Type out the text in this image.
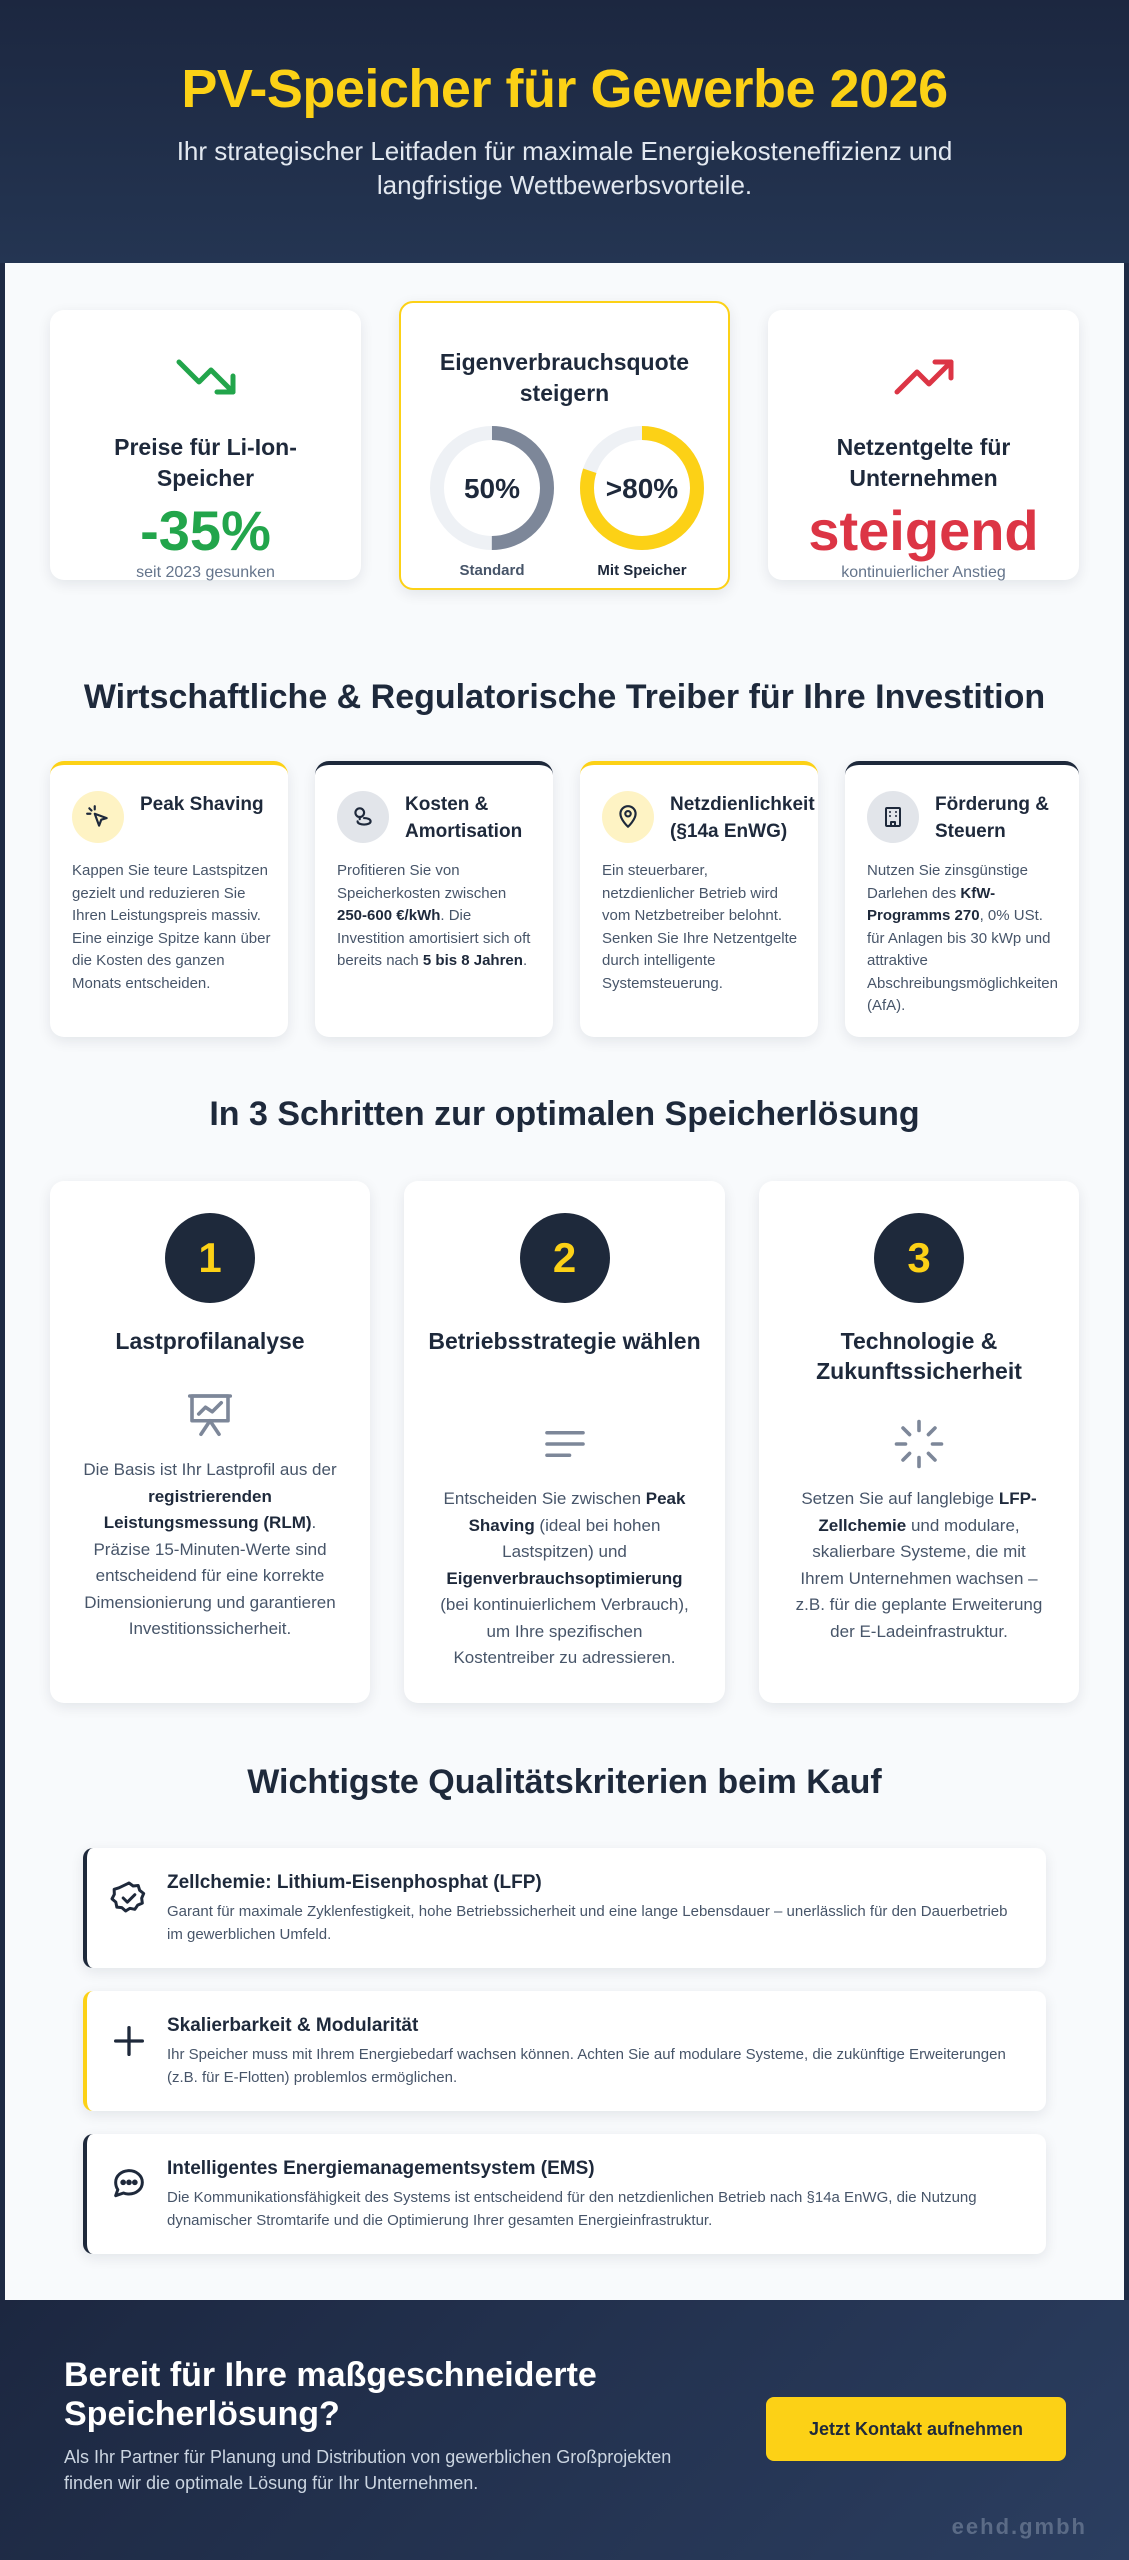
PV-Speicher für Gewerbe 2026

Ihr strategischer Leitfaden für maximale Energiekosteneffizienz und langfristige Wettbewerbsvorteile.

Preise für Li-Ion-Speicher
-35%
seit 2023 gesunken
Eigenverbrauchsquote steigern
50%
Standard
>80%
Mit Speicher
Netzentgelte für Unternehmen
steigend
kontinuierlicher Anstieg
Wirtschaftliche & Regulatorische Treiber für Ihre Investition
Peak Shaving
Kappen Sie teure Lastspitzen gezielt und reduzieren Sie Ihren Leistungspreis massiv. Eine einzige Spitze kann über die Kosten des ganzen Monats entscheiden.
Kosten & Amortisation
Profitieren Sie von Speicherkosten zwischen 250-600 €/kWh. Die Investition amortisiert sich oft bereits nach 5 bis 8 Jahren.
Netzdienlichkeit (§14a EnWG)
Ein steuerbarer, netzdienlicher Betrieb wird vom Netzbetreiber belohnt. Senken Sie Ihre Netzentgelte durch intelligente Systemsteuerung.
Förderung & Steuern
Nutzen Sie zinsgünstige Darlehen des KfW-Programms 270, 0% USt. für Anlagen bis 30 kWp und attraktive Abschreibungsmöglichkeiten (AfA).
In 3 Schritten zur optimalen Speicherlösung
1
Lastprofilanalyse
Die Basis ist Ihr Lastprofil aus der registrierenden Leistungsmessung (RLM). Präzise 15-Minuten-Werte sind entscheidend für eine korrekte Dimensionierung und garantieren Investitionssicherheit.
2
Betriebsstrategie wählen
Entscheiden Sie zwischen Peak Shaving (ideal bei hohen Lastspitzen) und Eigenverbrauchsoptimierung (bei kontinuierlichem Verbrauch), um Ihre spezifischen Kostentreiber zu adressieren.
3
Technologie & Zukunftssicherheit
Setzen Sie auf langlebige LFP-Zellchemie und modulare, skalierbare Systeme, die mit Ihrem Unternehmen wachsen – z.B. für die geplante Erweiterung der E-Ladeinfrastruktur.
Wichtigste Qualitätskriterien beim Kauf
Zellchemie: Lithium-Eisenphosphat (LFP)
Garant für maximale Zyklenfestigkeit, hohe Betriebssicherheit und eine lange Lebensdauer – unerlässlich für den Dauerbetrieb im gewerblichen Umfeld.
Skalierbarkeit & Modularität
Ihr Speicher muss mit Ihrem Energiebedarf wachsen können. Achten Sie auf modulare Systeme, die zukünftige Erweiterungen (z.B. für E-Flotten) problemlos ermöglichen.
Intelligentes Energiemanagementsystem (EMS)
Die Kommunikationsfähigkeit des Systems ist entscheidend für den netzdienlichen Betrieb nach §14a EnWG, die Nutzung dynamischer Stromtarife und die Optimierung Ihrer gesamten Energieinfrastruktur.
Bereit für Ihre maßgeschneiderte Speicherlösung?

Als Ihr Partner für Planung und Distribution von gewerblichen Großprojekten finden wir die optimale Lösung für Ihr Unternehmen.

Jetzt Kontakt aufnehmen
eehd.gmbh
